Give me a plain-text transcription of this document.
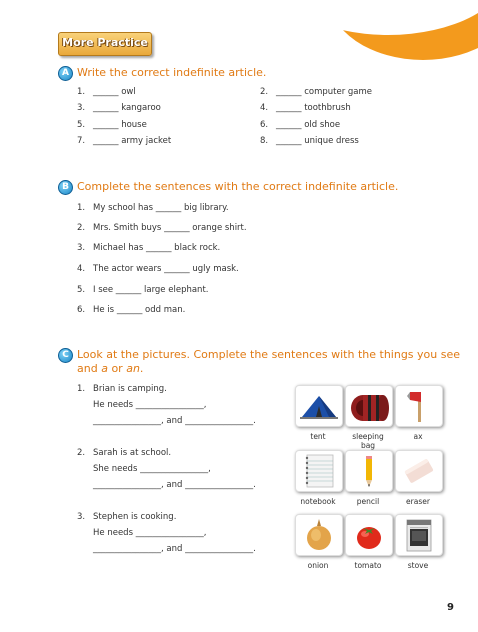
More Practice
A Write the correct indefinite article.
1. ______ owl
3. ______ kangaroo
5. ______ house
7. ______ army jacket
2. ______ computer game
4. ______ toothbrush
6. ______ old shoe
8. ______ unique dress
B Complete the sentences with the correct indefinite article.
1. My school has ______ big library.
2. Mrs. Smith buys ______ orange shirt.
3. Michael has ______ black rock.
4. The actor wears ______ ugly mask.
5. I see ______ large elephant.
6. He is ______ odd man.
C Look at the pictures. Complete the sentences with the things you see
and a or an.
1. Brian is camping.
He needs ________________,
________________, and ________________.
2. Sarah is at school.
She needs ________________,
________________, and ________________.
3. Stephen is cooking.
He needs ________________,
________________, and ________________.
tent	sleeping bag
ax
notebook	pencil	eraser
onion	tomato	stove
9
